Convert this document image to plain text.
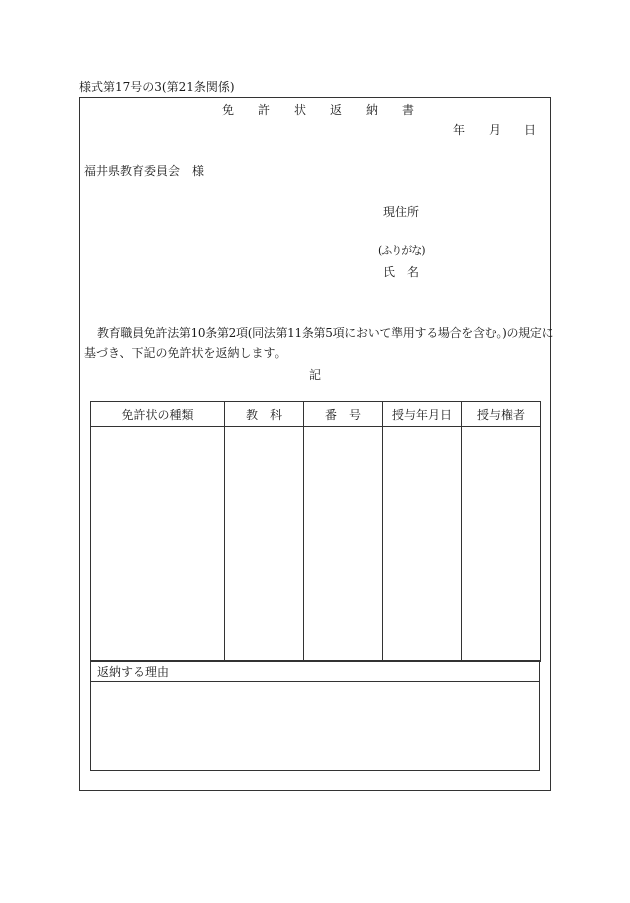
様式第17号の3(第21条関係)
免　許　状　返　納　書
年 月 日
福井県教育委員会　様
現住所
(ふりがな)
氏　名
教育職員免許法第10条第2項(同法第11条第5項において準用する場合を含む。)の規定に
基づき、下記の免許状を返納します。
記
免許状の種類	教　科	番　号	授与年月日	授与権者

返納する理由
